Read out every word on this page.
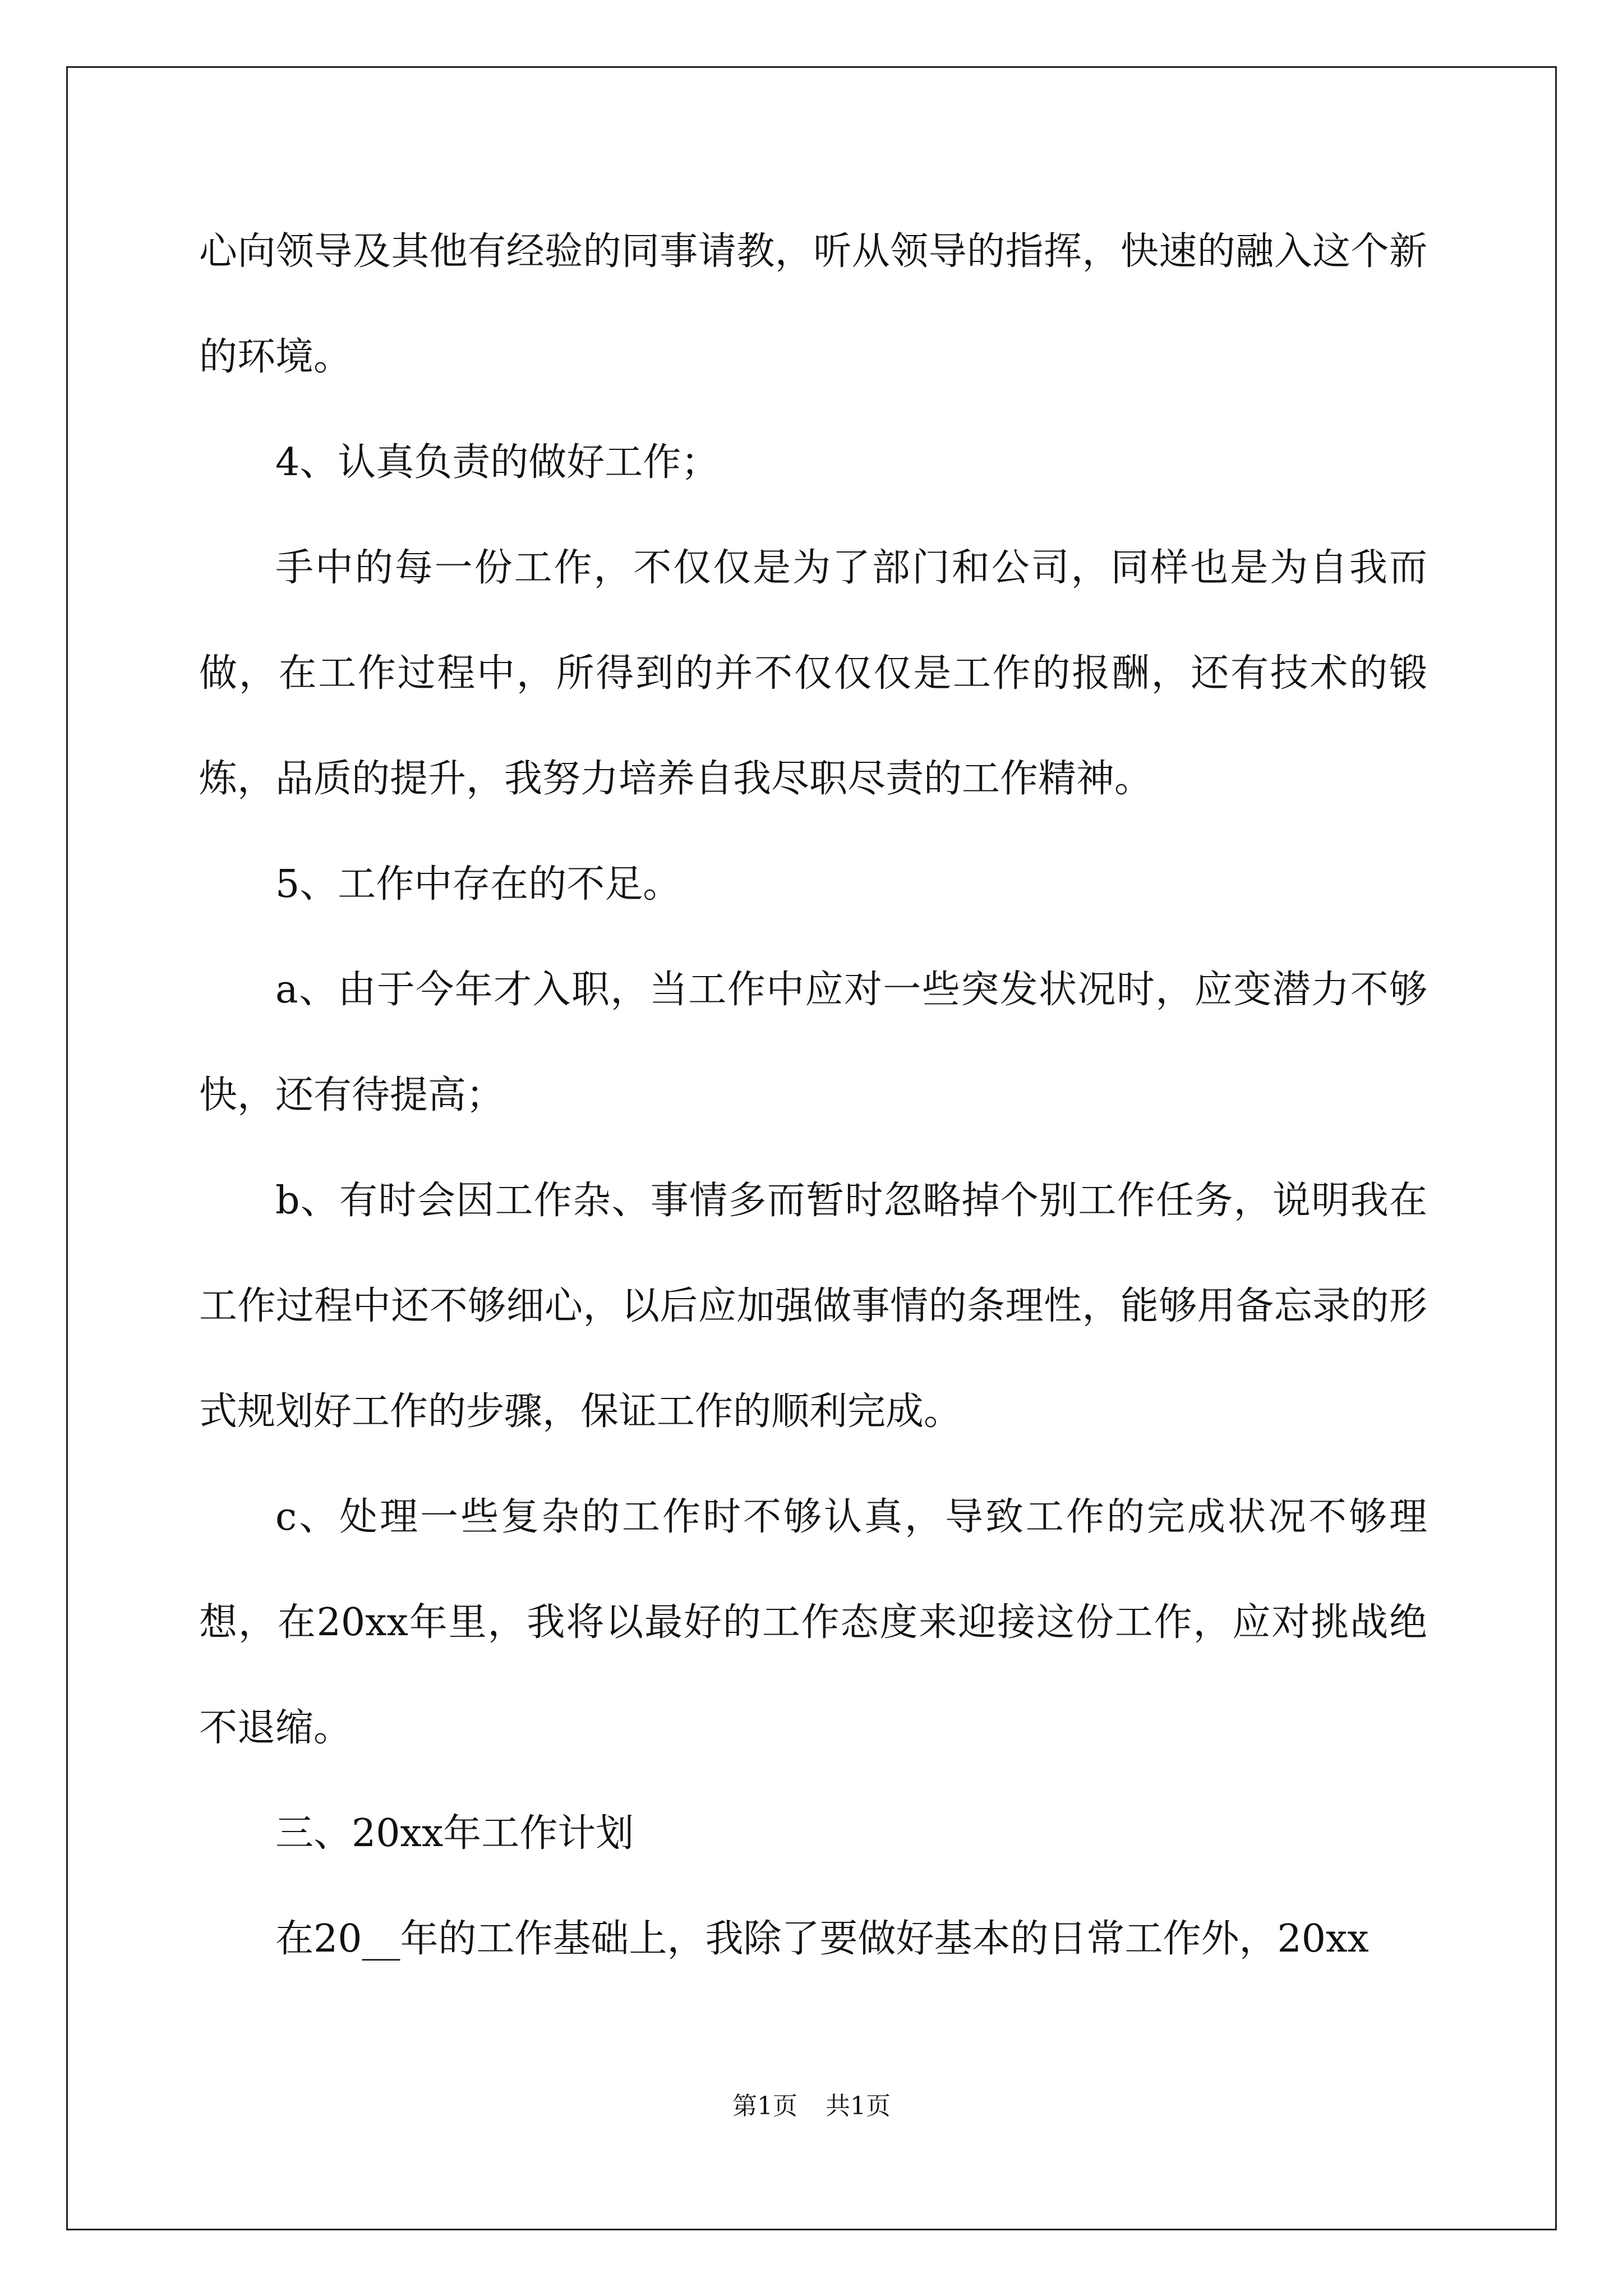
心向领导及其他有经验的同事请教，听从领导的指挥，快速的融入这个新的环境。

4、认真负责的做好工作；

手中的每一份工作，不仅仅是为了部门和公司，同样也是为自我而做，在工作过程中，所得到的并不仅仅仅是工作的报酬，还有技术的锻炼，品质的提升，我努力培养自我尽职尽责的工作精神。

5、工作中存在的不足。

a、由于今年才入职，当工作中应对一些突发状况时，应变潜力不够快，还有待提高；

b、有时会因工作杂、事情多而暂时忽略掉个别工作任务，说明我在工作过程中还不够细心，以后应加强做事情的条理性，能够用备忘录的形式规划好工作的步骤，保证工作的顺利完成。

c、处理一些复杂的工作时不够认真，导致工作的完成状况不够理想，在20xx年里，我将以最好的工作态度来迎接这份工作，应对挑战绝不退缩。

三、20xx年工作计划

在20__年的工作基础上，我除了要做好基本的日常工作外，20xx

第1页 共1页
